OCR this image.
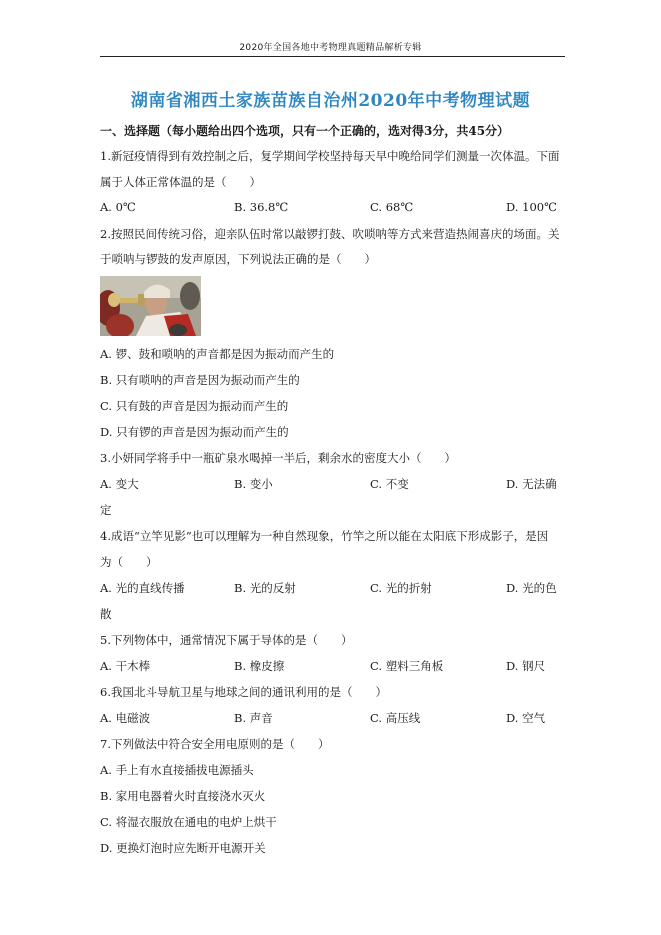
2020年全国各地中考物理真题精品解析专辑
湖南省湘西土家族苗族自治州2020年中考物理试题
一、选择题（每小题给出四个选项，只有一个正确的，选对得3分，共45分）
1.新冠疫情得到有效控制之后，复学期间学校坚持每天早中晚给同学们测量一次体温。下面
属于人体正常体温的是（　　）
A. 0℃	B. 36.8℃	C. 68℃	D. 100℃
2.按照民间传统习俗，迎亲队伍时常以敲锣打鼓、吹唢呐等方式来营造热闹喜庆的场面。关
于唢呐与锣鼓的发声原因，下列说法正确的是（　　）
A. 锣、鼓和唢呐的声音都是因为振动而产生的
B. 只有唢呐的声音是因为振动而产生的
C. 只有鼓的声音是因为振动而产生的
D. 只有锣的声音是因为振动而产生的
3.小妍同学将手中一瓶矿泉水喝掉一半后，剩余水的密度大小（　　）
A. 变大	B. 变小	C. 不变	D. 无法确
定
4.成语“立竿见影”也可以理解为一种自然现象，竹竿之所以能在太阳底下形成影子，是因
为（　　）
A. 光的直线传播	B. 光的反射	C. 光的折射	D. 光的色
散
5.下列物体中，通常情况下属于导体的是（　　）
A. 干木棒	B. 橡皮擦	C. 塑料三角板	D. 钢尺
6.我国北斗导航卫星与地球之间的通讯利用的是（　　）
A. 电磁波	B. 声音	C. 高压线	D. 空气
7.下列做法中符合安全用电原则的是（　　）
A. 手上有水直接插拔电源插头
B. 家用电器着火时直接浇水灭火
C. 将湿衣服放在通电的电炉上烘干
D. 更换灯泡时应先断开电源开关
